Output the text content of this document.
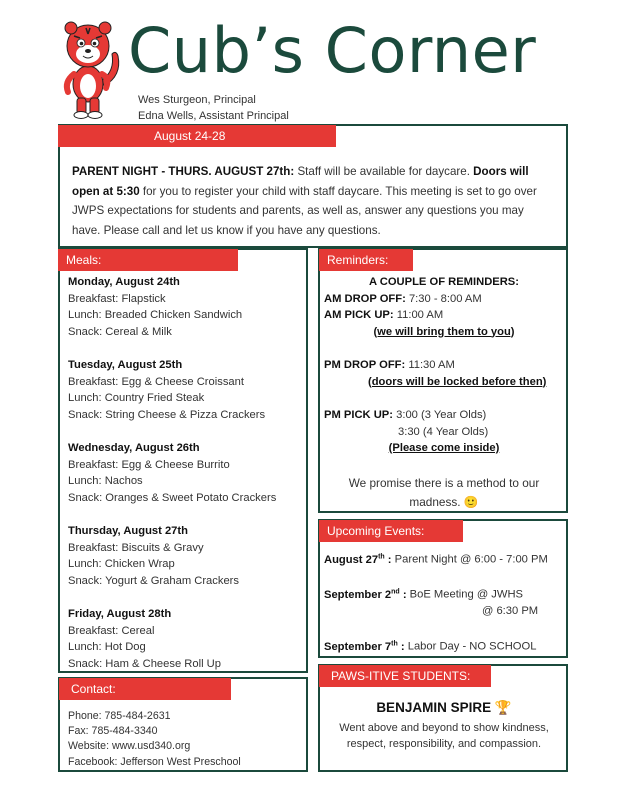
Cub’s Corner
Wes Sturgeon, Principal
Edna Wells, Assistant Principal
August 24-28

PARENT NIGHT - THURS. AUGUST 27th: Staff will be available for daycare. Doors will open at 5:30 for you to register your child with staff daycare. This meeting is set to go over JWPS expectations for students and parents, as well as, answer any questions you may have. Please call and let us know if you have any questions.

Meals:
Monday, August 24th
Breakfast: Flapstick
Lunch: Breaded Chicken Sandwich
Snack: Cereal & Milk
Tuesday, August 25th
Breakfast: Egg & Cheese Croissant
Lunch: Country Fried Steak
Snack: String Cheese & Pizza Crackers
Wednesday, August 26th
Breakfast: Egg & Cheese Burrito
Lunch: Nachos
Snack: Oranges & Sweet Potato Crackers
Thursday, August 27th
Breakfast: Biscuits & Gravy
Lunch: Chicken Wrap
Snack: Yogurt & Graham Crackers
Friday, August 28th
Breakfast: Cereal
Lunch: Hot Dog
Snack: Ham & Cheese Roll Up
Reminders:
A COUPLE OF REMINDERS:
AM DROP OFF: 7:30 - 8:00 AM
AM PICK UP: 11:00 AM
(we will bring them to you)
PM DROP OFF: 11:30 AM
(doors will be locked before then)
PM PICK UP: 3:00 (3 Year Olds)
3:30 (4 Year Olds)
(Please come inside)
We promise there is a method to our madness. 🙂
Upcoming Events:
August 27th : Parent Night @ 6:00 - 7:00 PM
September 2nd : BoE Meeting @ JWHS
@ 6:30 PM
September 7th : Labor Day - NO SCHOOL
Contact:
Phone: 785-484-2631
Fax: 785-484-3340
Website: www.usd340.org
Facebook: Jefferson West Preschool
PAWS-ITIVE STUDENTS:
BENJAMIN SPIRE 🏆
Went above and beyond to show kindness, respect, responsibility, and compassion.
